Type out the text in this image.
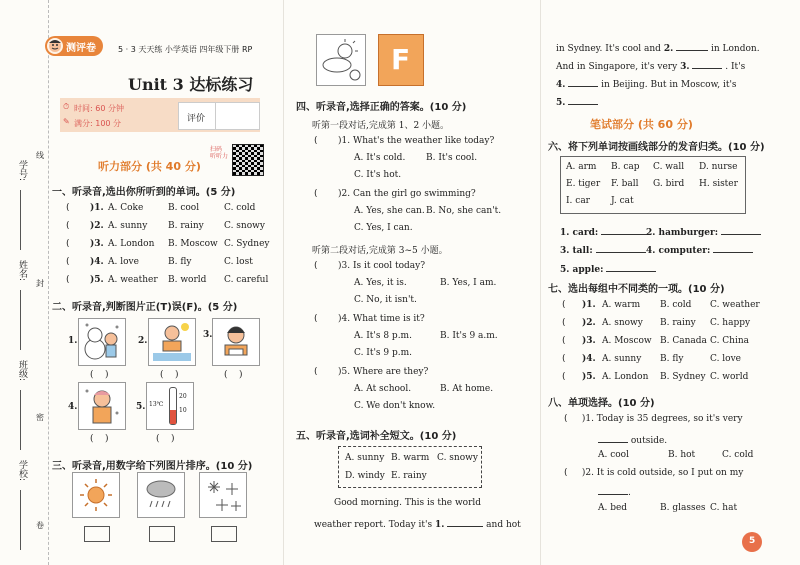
学号:
姓名:
班级:
学校:
线
封
密
卷
测评卷	5 · 3 天天练 小学英语 四年级下册 RP
Unit 3 达标练习
⏱ 时间: 60 分钟
✎ 满分: 100 分	评价
听力部分 (共 40 分)
扫码
听听力
一、听录音,选出你所听到的单词。(5 分)
( )1. A. Coke	B. cool	C. cold
( )2. A. sunny B. rainy C. snowy
( )3. A. London B. Moscow C. Sydney
( )4. A. love	B. fly	C. lost
( )5. A. weather B. world C. careful
二、听录音,判断图片正(T)误(F)。(5 分)
1.
(    )
2.
(    )
3.
(    )
4.
(    )
5. 13℃
20
10
(    )
三、听录音,用数字给下列图片排序。(10 分)
F
四、听录音,选择正确的答案。(10 分)
听第一段对话,完成第 1、2 小题。
( )1. What's the weather like today?
A. It's cold. B. It's cool.
C. It's hot.
( )2. Can the girl go swimming?
A. Yes, she can. B. No, she can't.
C. Yes, I can.
听第二段对话,完成第 3~5 小题。
( )3. Is it cool today?
A. Yes, it is.	B. Yes, I am.
C. No, it isn't.
( )4. What time is it?
A. It's 8 p.m.	B. It's 9 a.m.
C. It's 9 p.m.
( )5. Where are they?
A. At school.	B. At home.
C. We don't know.
五、听录音,选词补全短文。(10 分)
A. sunny B. warm C. snowy
D. windy E. rainy
Good morning. This is the world
weather report. Today it's 1.	and hot
in Sydney. It's cool and 2.	in London.
And in Singapore, it's very 3.	. It's
4.	in Beijing. But in Moscow, it's
5.
笔试部分 (共 60 分)
六、将下列单词按画线部分的发音归类。(10 分)
A. arm B. cap C. wall D. nurse
E. tiger F. ball G. bird H. sister
I. car J. cat
1. card:	2. hamburger:
3. tall:	4. computer:
5. apple:
七、选出每组中不同类的一项。(10 分)
( )1. A. warm B. cold C. weather
( )2. A. snowy B. rainy C. happy
( )3. A. Moscow B. Canada C. China
( )4. A. sunny B. fly	C. love
( )5. A. London B. Sydney C. world
八、单项选择。(10 分)
(     )1. Today is 35 degrees, so it's very
outside.
A. cool	B. hot	C. cold
(     )2. It is cold outside, so I put on my
.
A. bed	B. glasses C. hat
5
